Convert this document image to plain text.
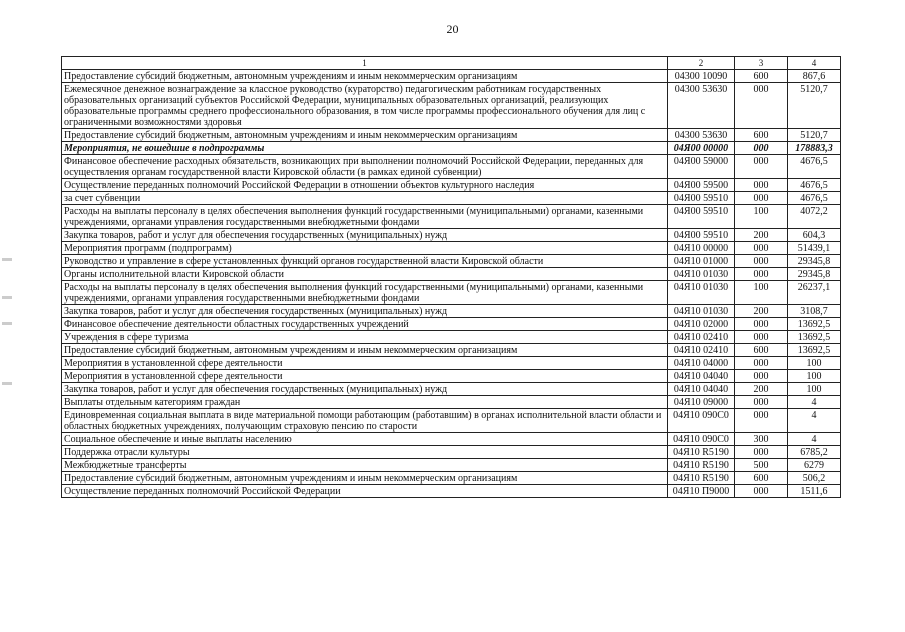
20
1	2	3	4
Предоставление субсидий бюджетным, автономным учреждениям и иным некоммерческим организациям	04300 10090	600	867,6
Ежемесячное денежное вознаграждение за классное руководство (кураторство) педагогическим работникам государственных образовательных организаций субъектов Российской Федерации, муниципальных образовательных организаций, реализующих образовательные программы среднего профессионального образования, в том числе программы профессионального обучения для лиц с ограниченными возможностями здоровья	04300 53630	000	5120,7
Предоставление субсидий бюджетным, автономным учреждениям и иным некоммерческим организациям	04300 53630	600	5120,7
Мероприятия, не вошедшие в подпрограммы	04Я00 00000	000	178883,3
Финансовое обеспечение расходных обязательств, возникающих при выполнении полномочий Российской Федерации, переданных для осуществления органам государственной власти Кировской области (в рамках единой субвенции)	04Я00 59000	000	4676,5
Осуществление переданных полномочий Российской Федерации в отношении объектов культурного наследия	04Я00 59500	000	4676,5
за счет субвенции	04Я00 59510	000	4676,5
Расходы на выплаты персоналу в целях обеспечения выполнения функций государственными (муниципальными) органами, казенными учреждениями, органами управления государственными внебюджетными фондами	04Я00 59510	100	4072,2
Закупка товаров, работ и услуг для обеспечения государственных (муниципальных) нужд	04Я00 59510	200	604,3
Мероприятия программ (подпрограмм)	04Я10 00000	000	51439,1
Руководство и управление в сфере установленных функций органов государственной власти Кировской области	04Я10 01000	000	29345,8
Органы исполнительной власти Кировской области	04Я10 01030	000	29345,8
Расходы на выплаты персоналу в целях обеспечения выполнения функций государственными (муниципальными) органами, казенными учреждениями, органами управления государственными внебюджетными фондами	04Я10 01030	100	26237,1
Закупка товаров, работ и услуг для обеспечения государственных (муниципальных) нужд	04Я10 01030	200	3108,7
Финансовое обеспечение деятельности областных государственных учреждений	04Я10 02000	000	13692,5
Учреждения в сфере туризма	04Я10 02410	000	13692,5
Предоставление субсидий бюджетным, автономным учреждениям и иным некоммерческим организациям	04Я10 02410	600	13692,5
Мероприятия в установленной сфере деятельности	04Я10 04000	000	100
Мероприятия в установленной сфере деятельности	04Я10 04040	000	100
Закупка товаров, работ и услуг для обеспечения государственных (муниципальных) нужд	04Я10 04040	200	100
Выплаты отдельным категориям граждан	04Я10 09000	000	4
Единовременная социальная выплата в виде материальной помощи работающим (работавшим) в органах исполнительной власти области и областных бюджетных учреждениях, получающим страховую пенсию по старости	04Я10 090С0	000	4
Социальное обеспечение и иные выплаты населению	04Я10 090С0	300	4
Поддержка отрасли культуры	04Я10 R5190	000	6785,2
Межбюджетные трансферты	04Я10 R5190	500	6279
Предоставление субсидий бюджетным, автономным учреждениям и иным некоммерческим организациям	04Я10 R5190	600	506,2
Осуществление переданных полномочий Российской Федерации	04Я10 П9000	000	1511,6
